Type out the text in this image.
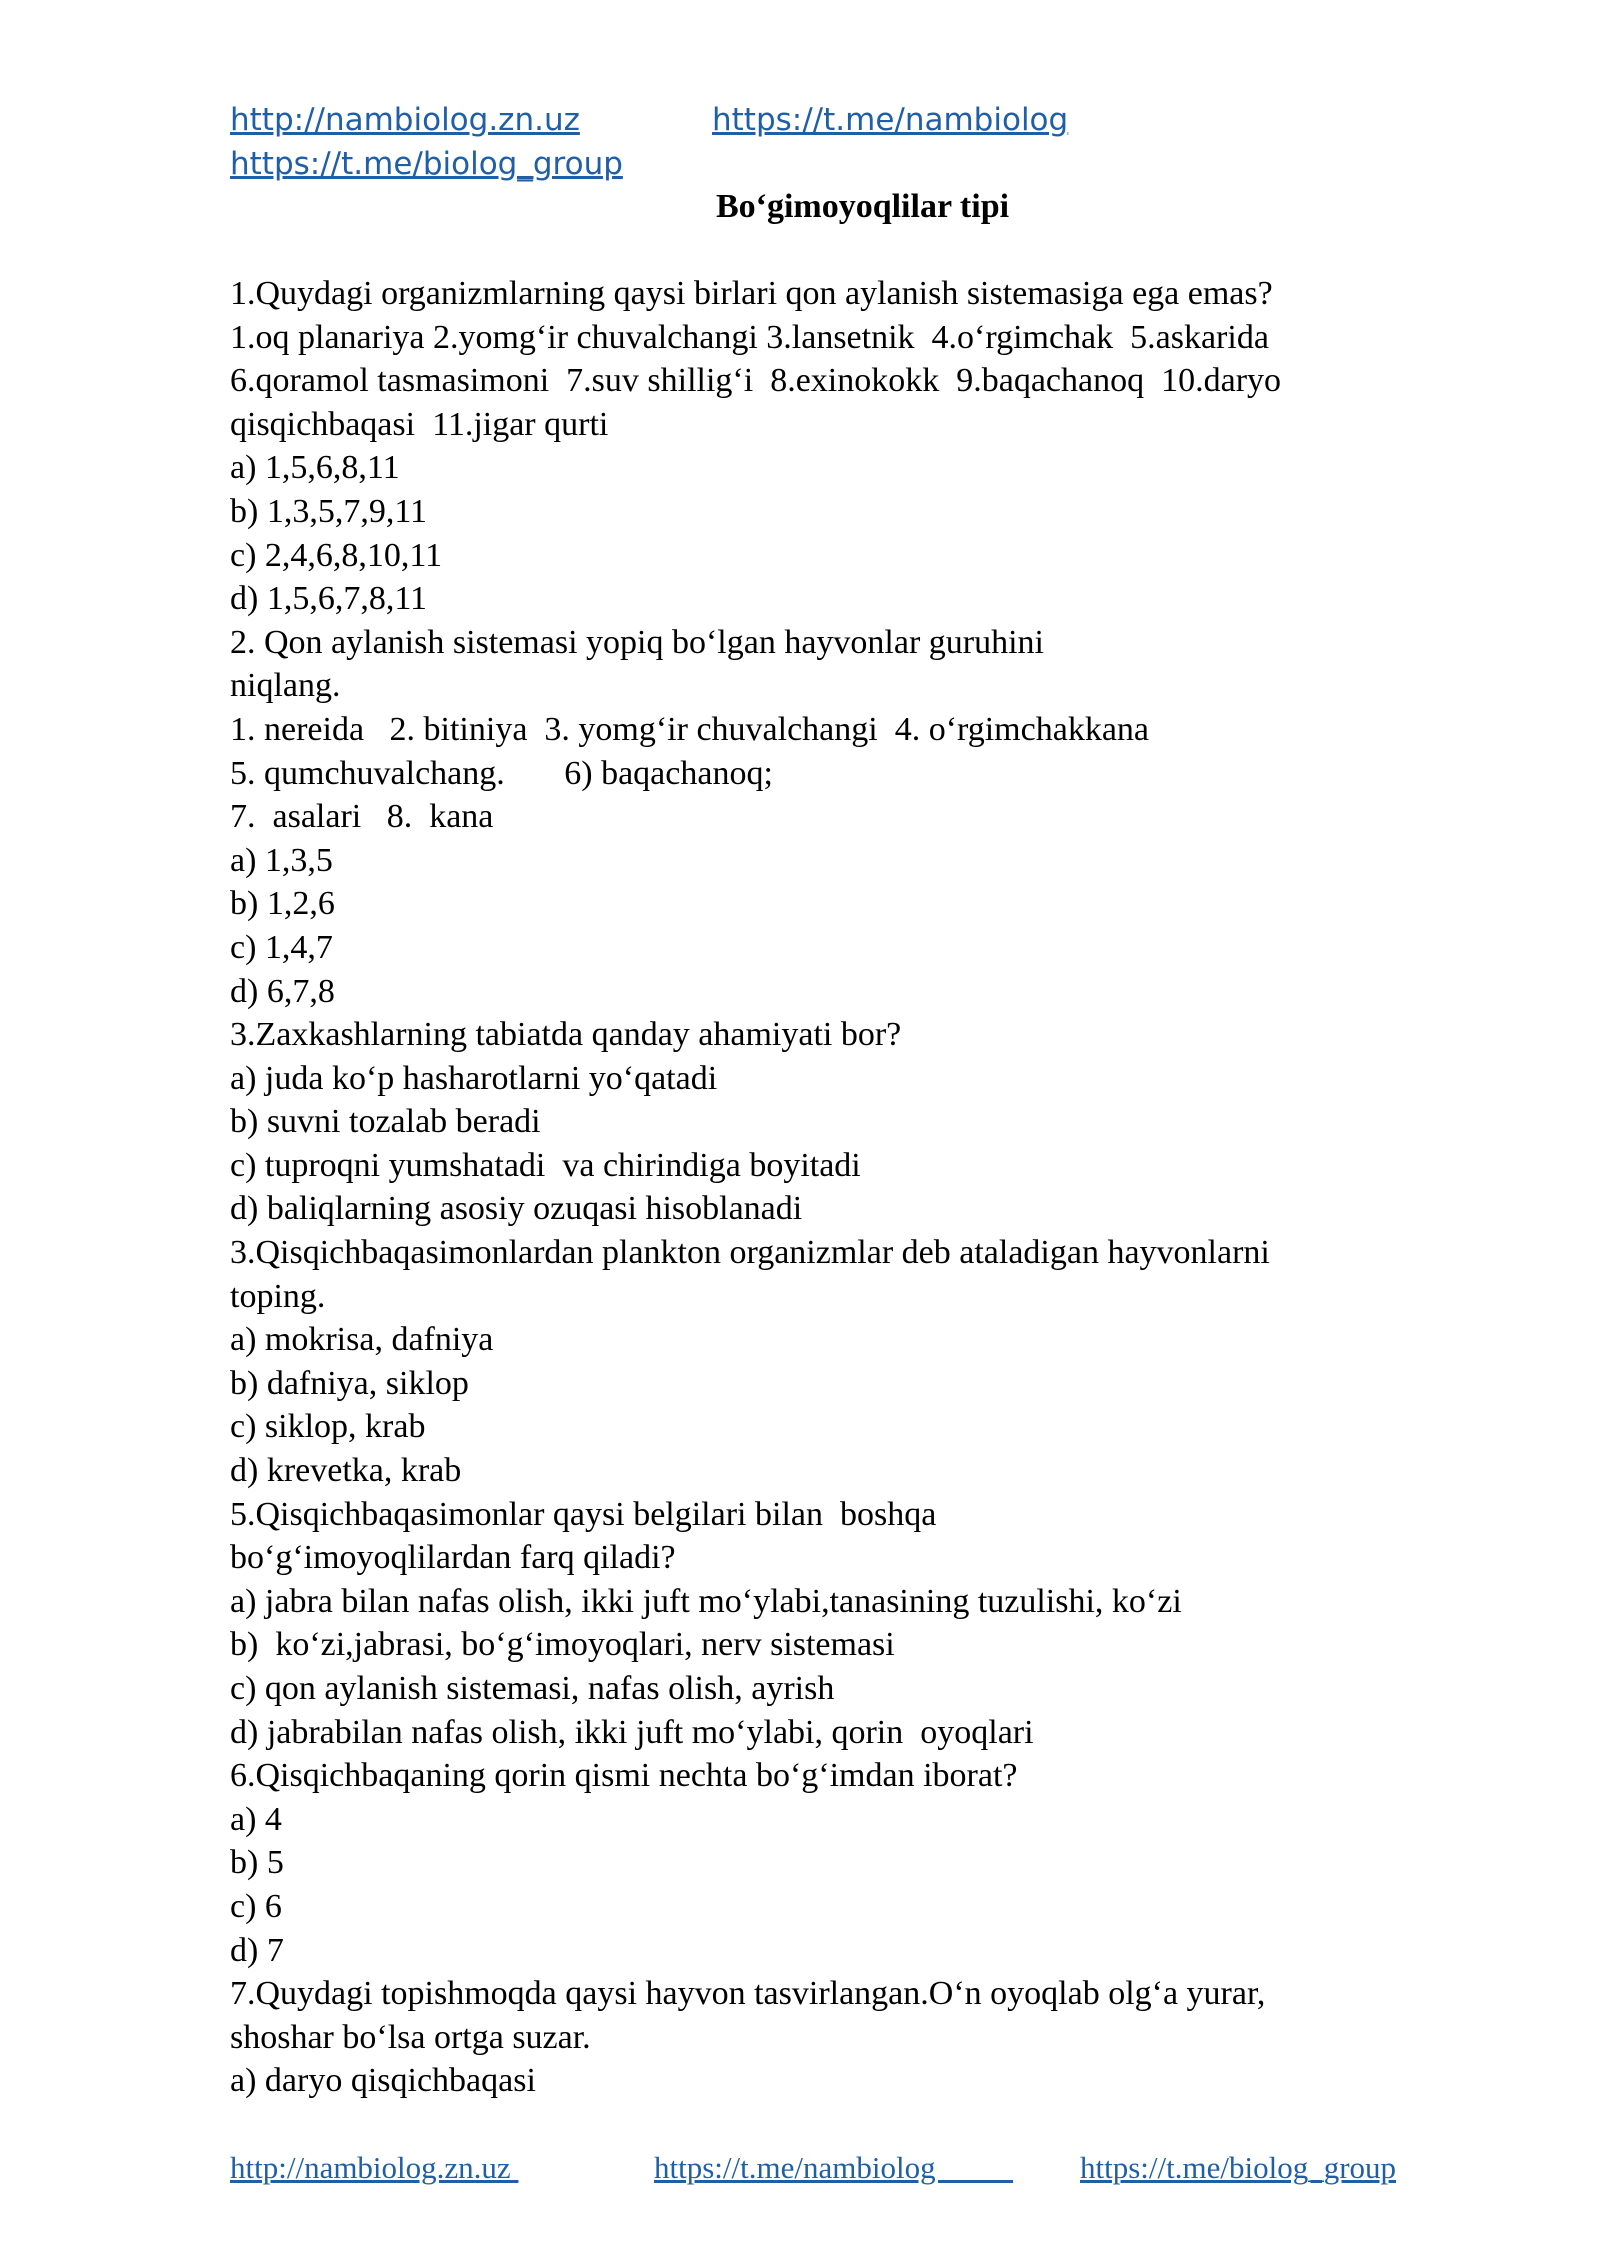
http://nambiolog.zn.uz	https://t.me/nambiolog
https://t.me/biolog_group
Bo‘gimoyoqlilar tipi
1.Quydagi organizmlarning qaysi birlari qon aylanish sistemasiga ega emas?
1.oq planariya 2.yomg‘ir chuvalchangi 3.lansetnik  4.o‘rgimchak  5.askarida
6.qoramol tasmasimoni  7.suv shillig‘i  8.exinokokk  9.baqachanoq  10.daryo
qisqichbaqasi  11.jigar qurti
a) 1,5,6,8,11
b) 1,3,5,7,9,11
c) 2,4,6,8,10,11
d) 1,5,6,7,8,11
2. Qon aylanish sistemasi yopiq bo‘lgan hayvonlar guruhini
niqlang.
1. nereida   2. bitiniya  3. yomg‘ir chuvalchangi  4. o‘rgimchakkana
5. qumchuvalchang.       6) baqachanoq;
7.  asalari   8.  kana
a) 1,3,5
b) 1,2,6
c) 1,4,7
d) 6,7,8
3.Zaxkashlarning tabiatda qanday ahamiyati bor?
a) juda ko‘p hasharotlarni yo‘qatadi
b) suvni tozalab beradi
c) tuproqni yumshatadi  va chirindiga boyitadi
d) baliqlarning asosiy ozuqasi hisoblanadi
3.Qisqichbaqasimonlardan plankton organizmlar deb ataladigan hayvonlarni
toping.
a) mokrisa, dafniya
b) dafniya, siklop
c) siklop, krab
d) krevetka, krab
5.Qisqichbaqasimonlar qaysi belgilari bilan  boshqa
bo‘g‘imoyoqlilardan farq qiladi?
a) jabra bilan nafas olish, ikki juft mo‘ylabi,tanasining tuzulishi, ko‘zi
b)  ko‘zi,jabrasi, bo‘g‘imoyoqlari, nerv sistemasi
c) qon aylanish sistemasi, nafas olish, ayrish
d) jabrabilan nafas olish, ikki juft mo‘ylabi, qorin  oyoqlari
6.Qisqichbaqaning qorin qismi nechta bo‘g‘imdan iborat?
a) 4
b) 5
c) 6
d) 7
7.Quydagi topishmoqda qaysi hayvon tasvirlangan.O‘n oyoqlab olg‘a yurar,
shoshar bo‘lsa ortga suzar.
a) daryo qisqichbaqasi
http://nambiolog.zn.uz	https://t.me/nambiolog https://t.me/biolog_group
